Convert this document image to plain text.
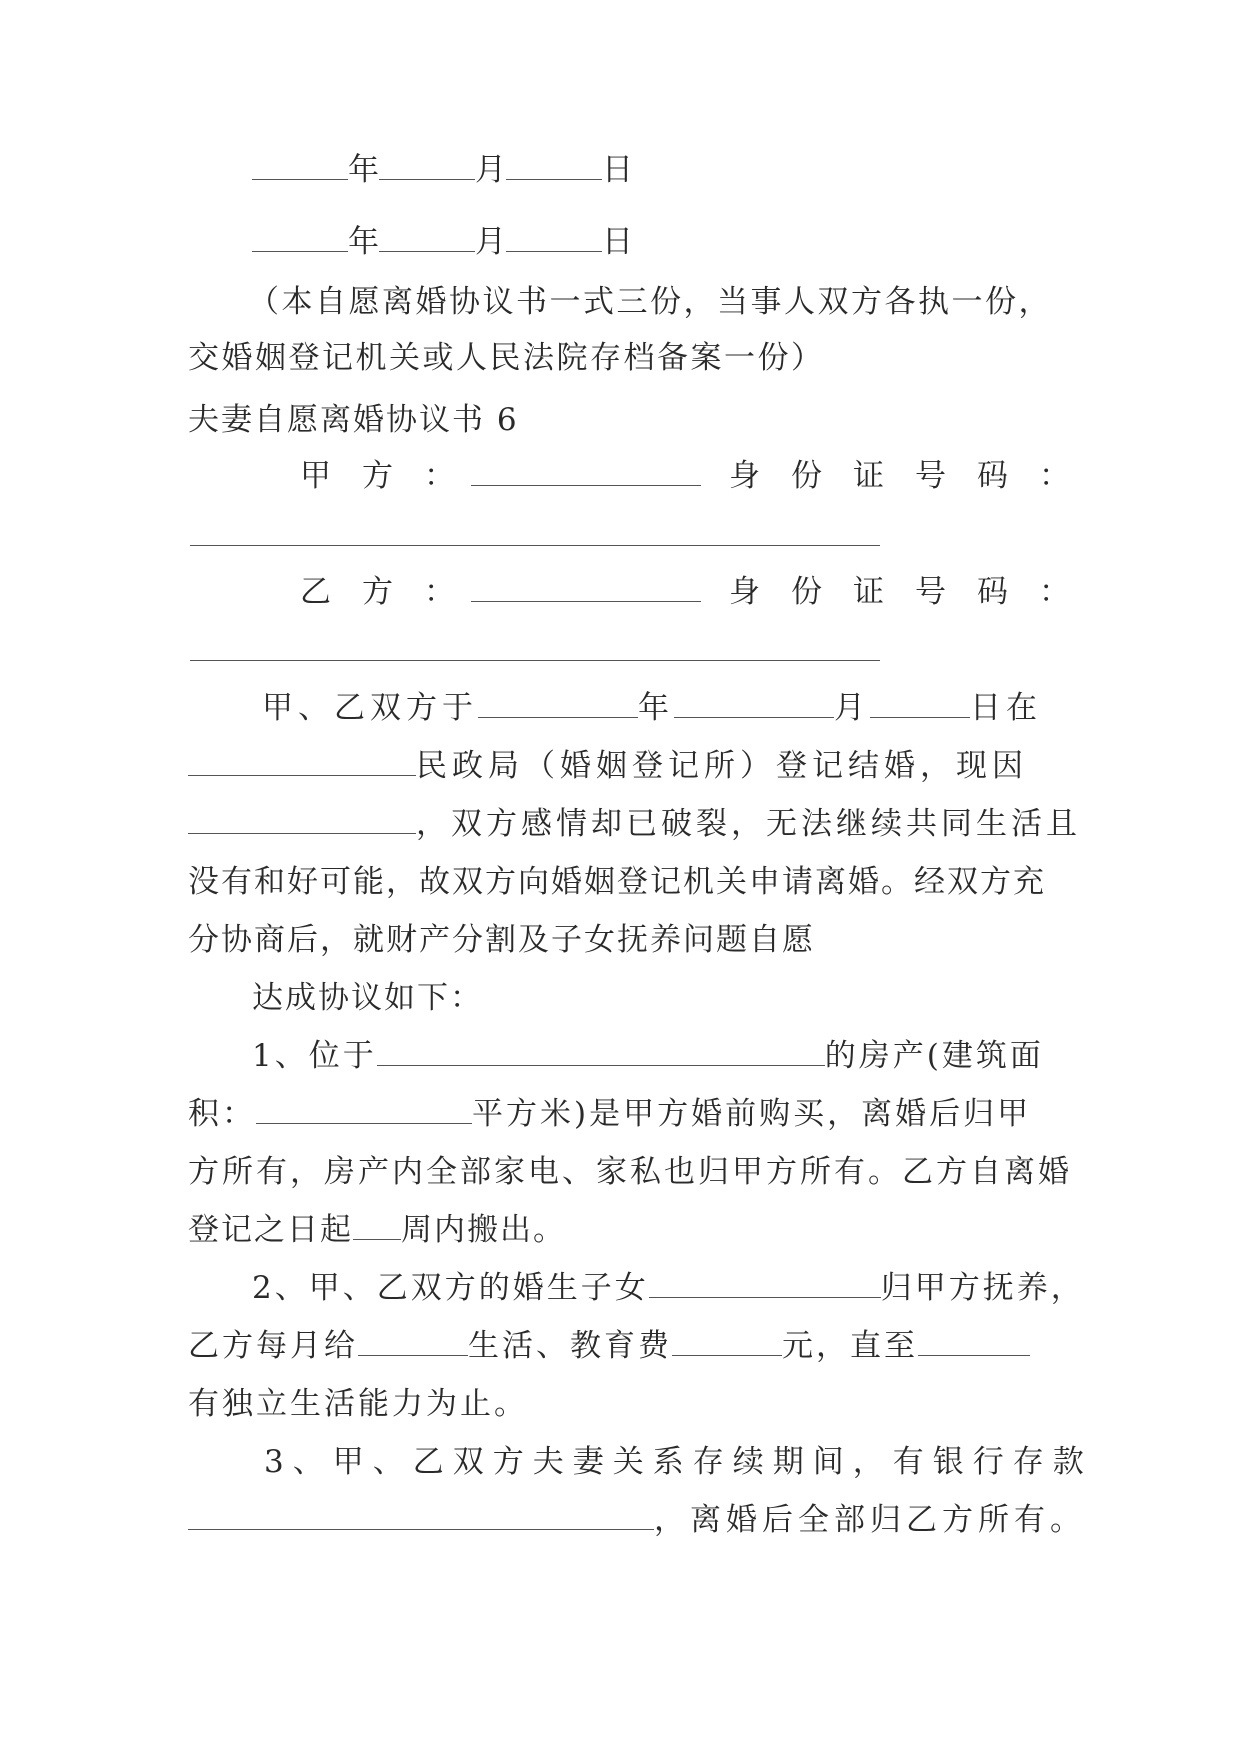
年	月	日
年	月	日
（本自愿离婚协议书一式三份，当事人双方各执一份，
交婚姻登记机关或人民法院存档备案一份）
夫妻自愿离婚协议书 6
甲　方　：	身　份　证　号　码　：
乙　方　：	身　份　证　号　码　：
甲、乙双方于	年	月	日在
民政局（婚姻登记所）登记结婚，现因
，双方感情却已破裂，无法继续共同生活且
没有和好可能，故双方向婚姻登记机关申请离婚。经双方充
分协商后，就财产分割及子女抚养问题自愿
达成协议如下：
1、位于	的房产(建筑面
积：	平方米)是甲方婚前购买，离婚后归甲
方所有，房产内全部家电、家私也归甲方所有。乙方自离婚
登记之日起 周内搬出。
2、甲、乙双方的婚生子女	归甲方抚养，
乙方每月给	生活、教育费	元，直至
有独立生活能力为止。
3、甲、乙双方夫妻关系存续期间，有银行存款
，离婚后全部归乙方所有。
